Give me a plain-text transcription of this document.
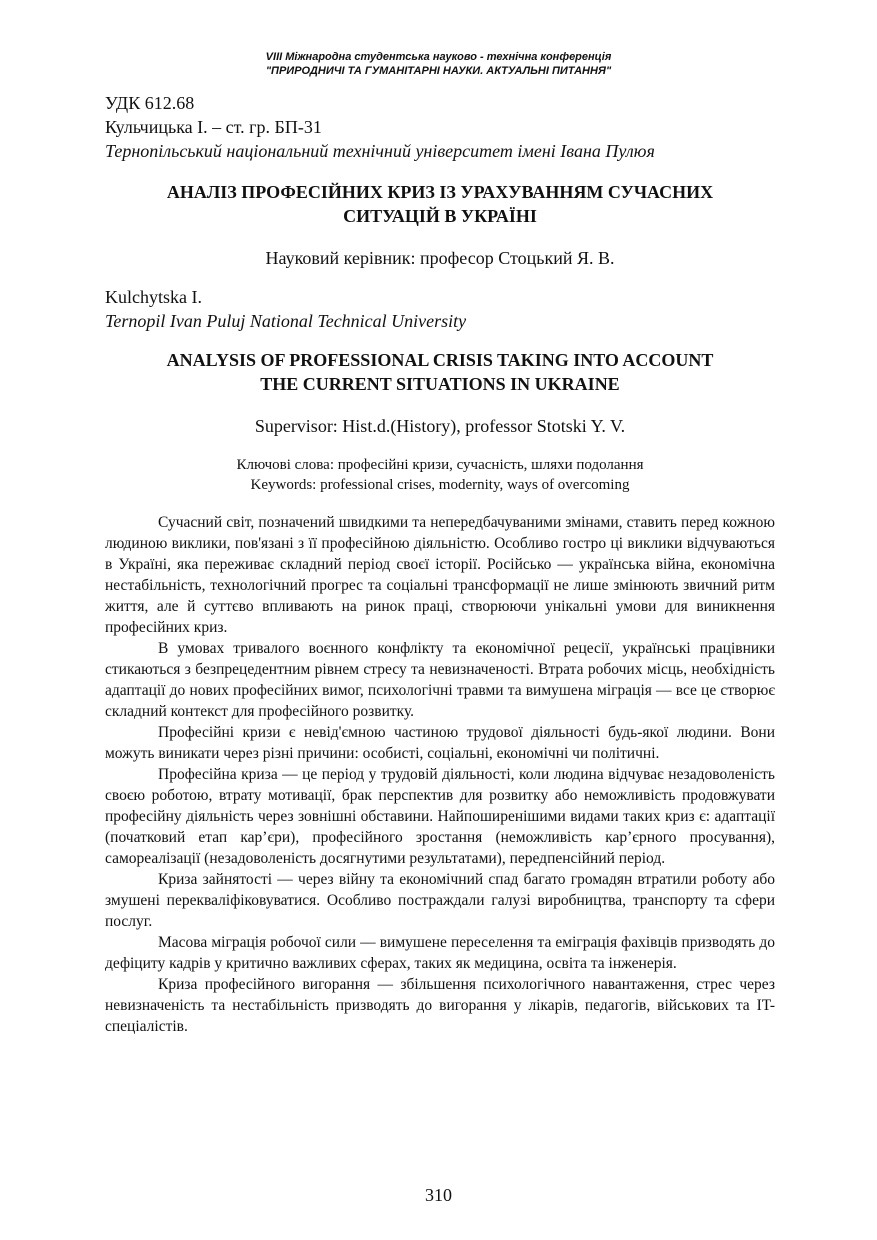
VIII Міжнародна студентська науково - технічна конференція
"ПРИРОДНИЧІ ТА ГУМАНІТАРНІ НАУКИ. АКТУАЛЬНІ ПИТАННЯ"
УДК 612.68
Кульчицька І. – ст. гр. БП-31
Тернопільський національний технічний університет імені Івана Пулюя
АНАЛІЗ ПРОФЕСІЙНИХ КРИЗ ІЗ УРАХУВАННЯМ СУЧАСНИХ
СИТУАЦІЙ В УКРАЇНІ
Науковий керівник: професор Стоцький Я. В.
Kulchytska I.
Ternopil Ivan Puluj National Technical University
ANALYSIS OF PROFESSIONAL CRISIS TAKING INTO ACCOUNT
THE CURRENT SITUATIONS IN UKRAINE
Supervisor: Hist.d.(History), professor Stotski Y. V.
Ключові слова: професійні кризи, сучасність, шляхи подолання
Keywords: professional crises, modernity, ways of overcoming

Сучасний світ, позначений швидкими та непередбачуваними змінами, ставить перед кожною людиною виклики, пов'язані з її професійною діяльністю. Особливо гостро ці виклики відчуваються в Україні, яка переживає складний період своєї історії. Російсько — українська війна, економічна нестабільність, технологічний прогрес та соціальні трансформації не лише змінюють звичний ритм життя, але й суттєво впливають на ринок праці, створюючи унікальні умови для виникнення професійних криз.

В умовах тривалого воєнного конфлікту та економічної рецесії, українські працівники стикаються з безпрецедентним рівнем стресу та невизначеності. Втрата робочих місць, необхідність адаптації до нових професійних вимог, психологічні травми та вимушена міграція — все це створює складний контекст для професійного розвитку.

Професійні кризи є невід'ємною частиною трудової діяльності будь-якої людини. Вони можуть виникати через різні причини: особисті, соціальні, економічні чи політичні.

Професійна криза — це період у трудовій діяльності, коли людина відчуває незадоволеність своєю роботою, втрату мотивації, брак перспектив для розвитку або неможливість продовжувати професійну діяльність через зовнішні обставини. Найпоширенішими видами таких криз є: адаптації (початковий етап кар’єри), професійного зростання (неможливість кар’єрного просування), самореалізації (незадоволеність досягнутими результатами), передпенсійний період.

Криза зайнятості — через війну та економічний спад багато громадян втратили роботу або змушені перекваліфіковуватися. Особливо постраждали галузі виробництва, транспорту та сфери послуг.

Масова міграція робочої сили — вимушене переселення та еміграція фахівців призводять до дефіциту кадрів у критично важливих сферах, таких як медицина, освіта та інженерія.

Криза професійного вигорання — збільшення психологічного навантаження, стрес через невизначеність та нестабільність призводять до вигорання у лікарів, педагогів, військових та IT-спеціалістів.

310
